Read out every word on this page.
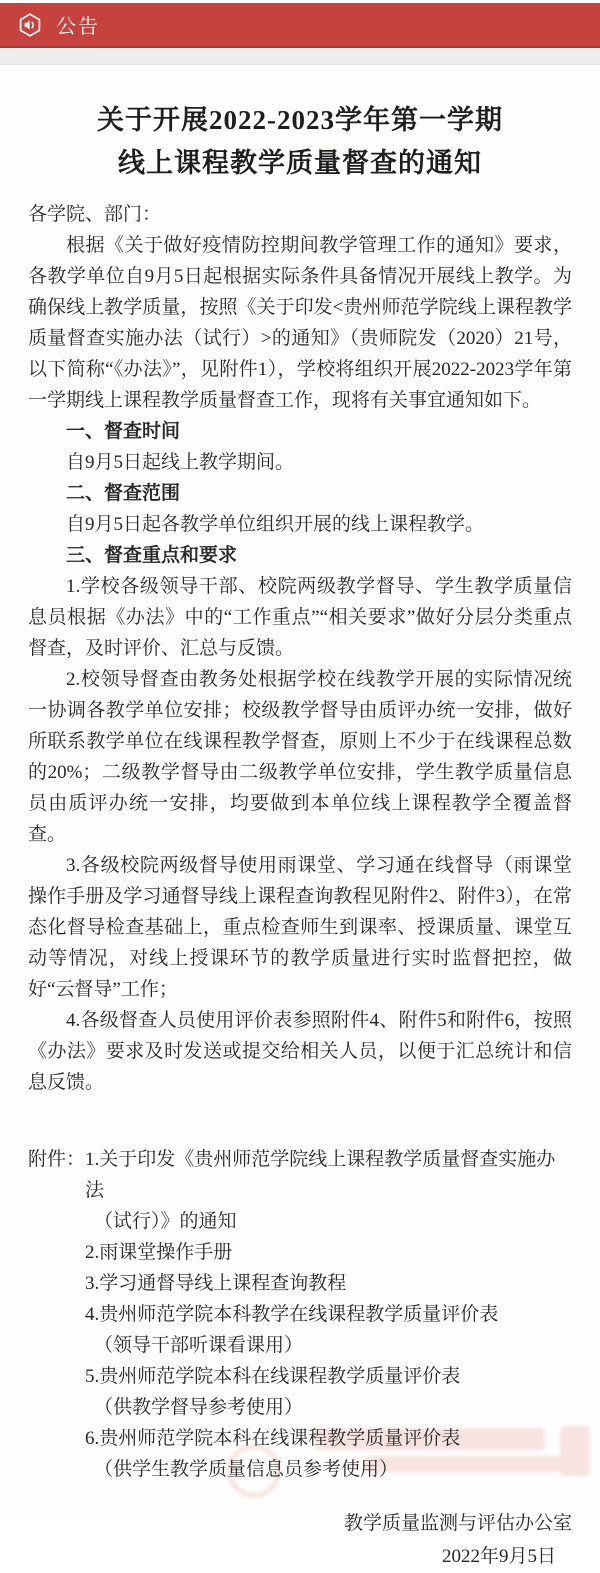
公告
关于开展2022-2023学年第一学期
线上课程教学质量督查的通知

各学院、部门：

根据《关于做好疫情防控期间教学管理工作的通知》要求，各教学单位自9月5日起根据实际条件具备情况开展线上教学。为确保线上教学质量，按照《关于印发<贵州师范学院线上课程教学质量督查实施办法（试行）>的通知》（贵师院发（2020）21号，以下简称“《办法》”，见附件1），学校将组织开展2022-2023学年第一学期线上课程教学质量督查工作，现将有关事宜通知如下。

一、督查时间

自9月5日起线上教学期间。

二、督查范围

自9月5日起各教学单位组织开展的线上课程教学。

三、督查重点和要求

1.学校各级领导干部、校院两级教学督导、学生教学质量信息员根据《办法》中的“工作重点”“相关要求”做好分层分类重点督查，及时评价、汇总与反馈。

2.校领导督查由教务处根据学校在线教学开展的实际情况统一协调各教学单位安排；校级教学督导由质评办统一安排，做好所联系教学单位在线课程教学督查，原则上不少于在线课程总数的20%；二级教学督导由二级教学单位安排，学生教学质量信息员由质评办统一安排，均要做到本单位线上课程教学全覆盖督查。

3.各级校院两级督导使用雨课堂、学习通在线督导（雨课堂操作手册及学习通督导线上课程查询教程见附件2、附件3），在常态化督导检查基础上，重点检查师生到课率、授课质量、课堂互动等情况，对线上授课环节的教学质量进行实时监督把控，做好“云督导”工作；

4.各级督查人员使用评价表参照附件4、附件5和附件6，按照《办法》要求及时发送或提交给相关人员，以便于汇总统计和信息反馈。

附件： 1.关于印发《贵州师范学院线上课程教学质量督查实施办法
（试行）》的通知
2.雨课堂操作手册
3.学习通督导线上课程查询教程
4.贵州师范学院本科教学在线课程教学质量评价表
（领导干部听课看课用）
5.贵州师范学院本科在线课程教学质量评价表
（供教学督导参考使用）
6.贵州师范学院本科在线课程教学质量评价表
（供学生教学质量信息员参考使用）

教学质量监测与评估办公室

2022年9月5日
